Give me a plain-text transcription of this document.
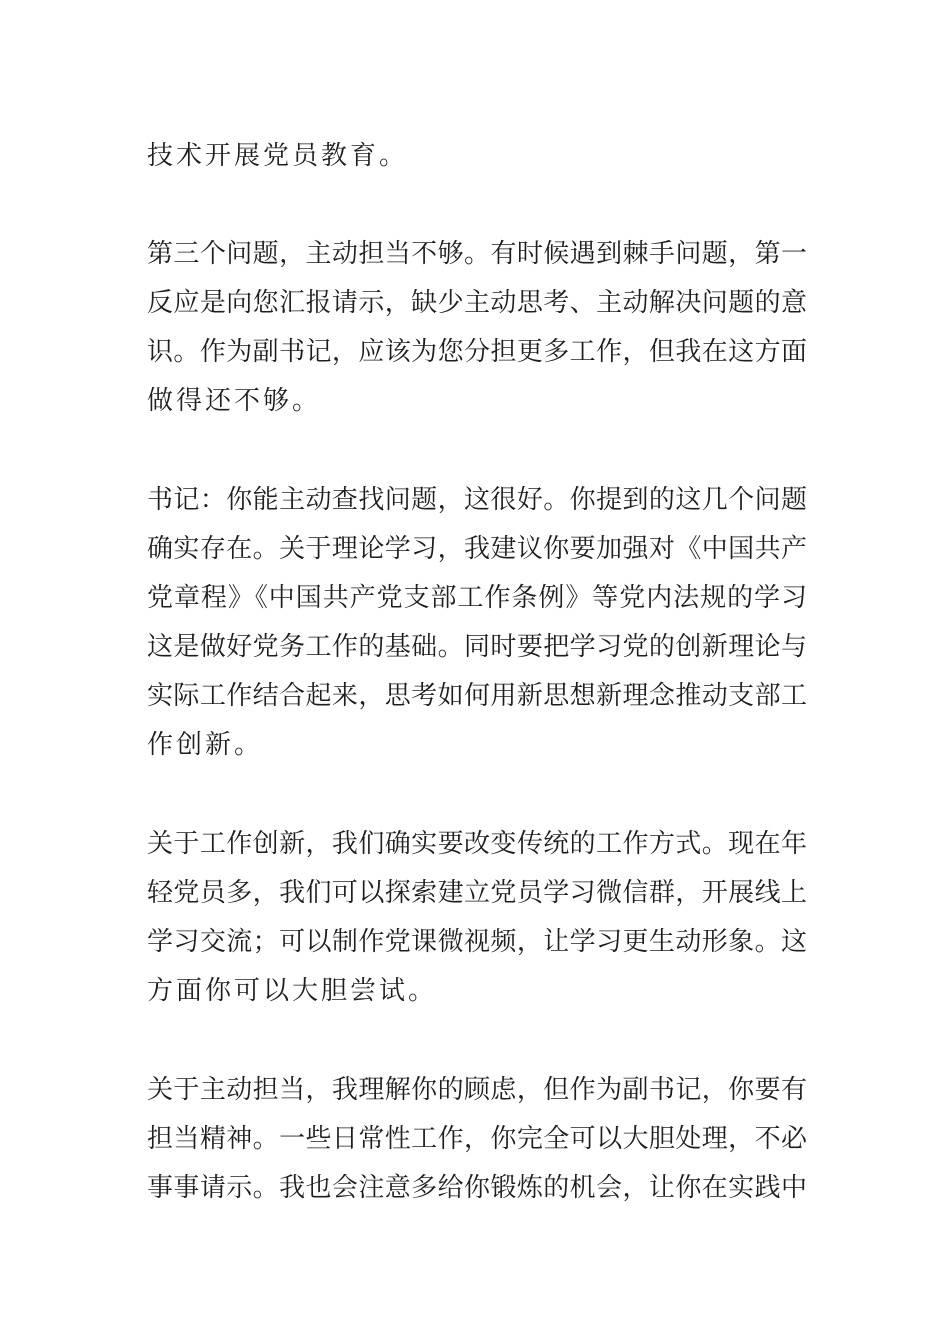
技术开展党员教育。
第三个问题，主动担当不够。有时候遇到棘手问题，第一
反应是向您汇报请示，缺少主动思考、主动解决问题的意
识。作为副书记，应该为您分担更多工作，但我在这方面
做得还不够。
书记：你能主动查找问题，这很好。你提到的这几个问题
确实存在。关于理论学习，我建议你要加强对《中国共产
党章程》《中国共产党支部工作条例》等党内法规的学习
这是做好党务工作的基础。同时要把学习党的创新理论与
实际工作结合起来，思考如何用新思想新理念推动支部工
作创新。
关于工作创新，我们确实要改变传统的工作方式。现在年
轻党员多，我们可以探索建立党员学习微信群，开展线上
学习交流；可以制作党课微视频，让学习更生动形象。这
方面你可以大胆尝试。
关于主动担当，我理解你的顾虑，但作为副书记，你要有
担当精神。一些日常性工作，你完全可以大胆处理，不必
事事请示。我也会注意多给你锻炼的机会，让你在实践中
